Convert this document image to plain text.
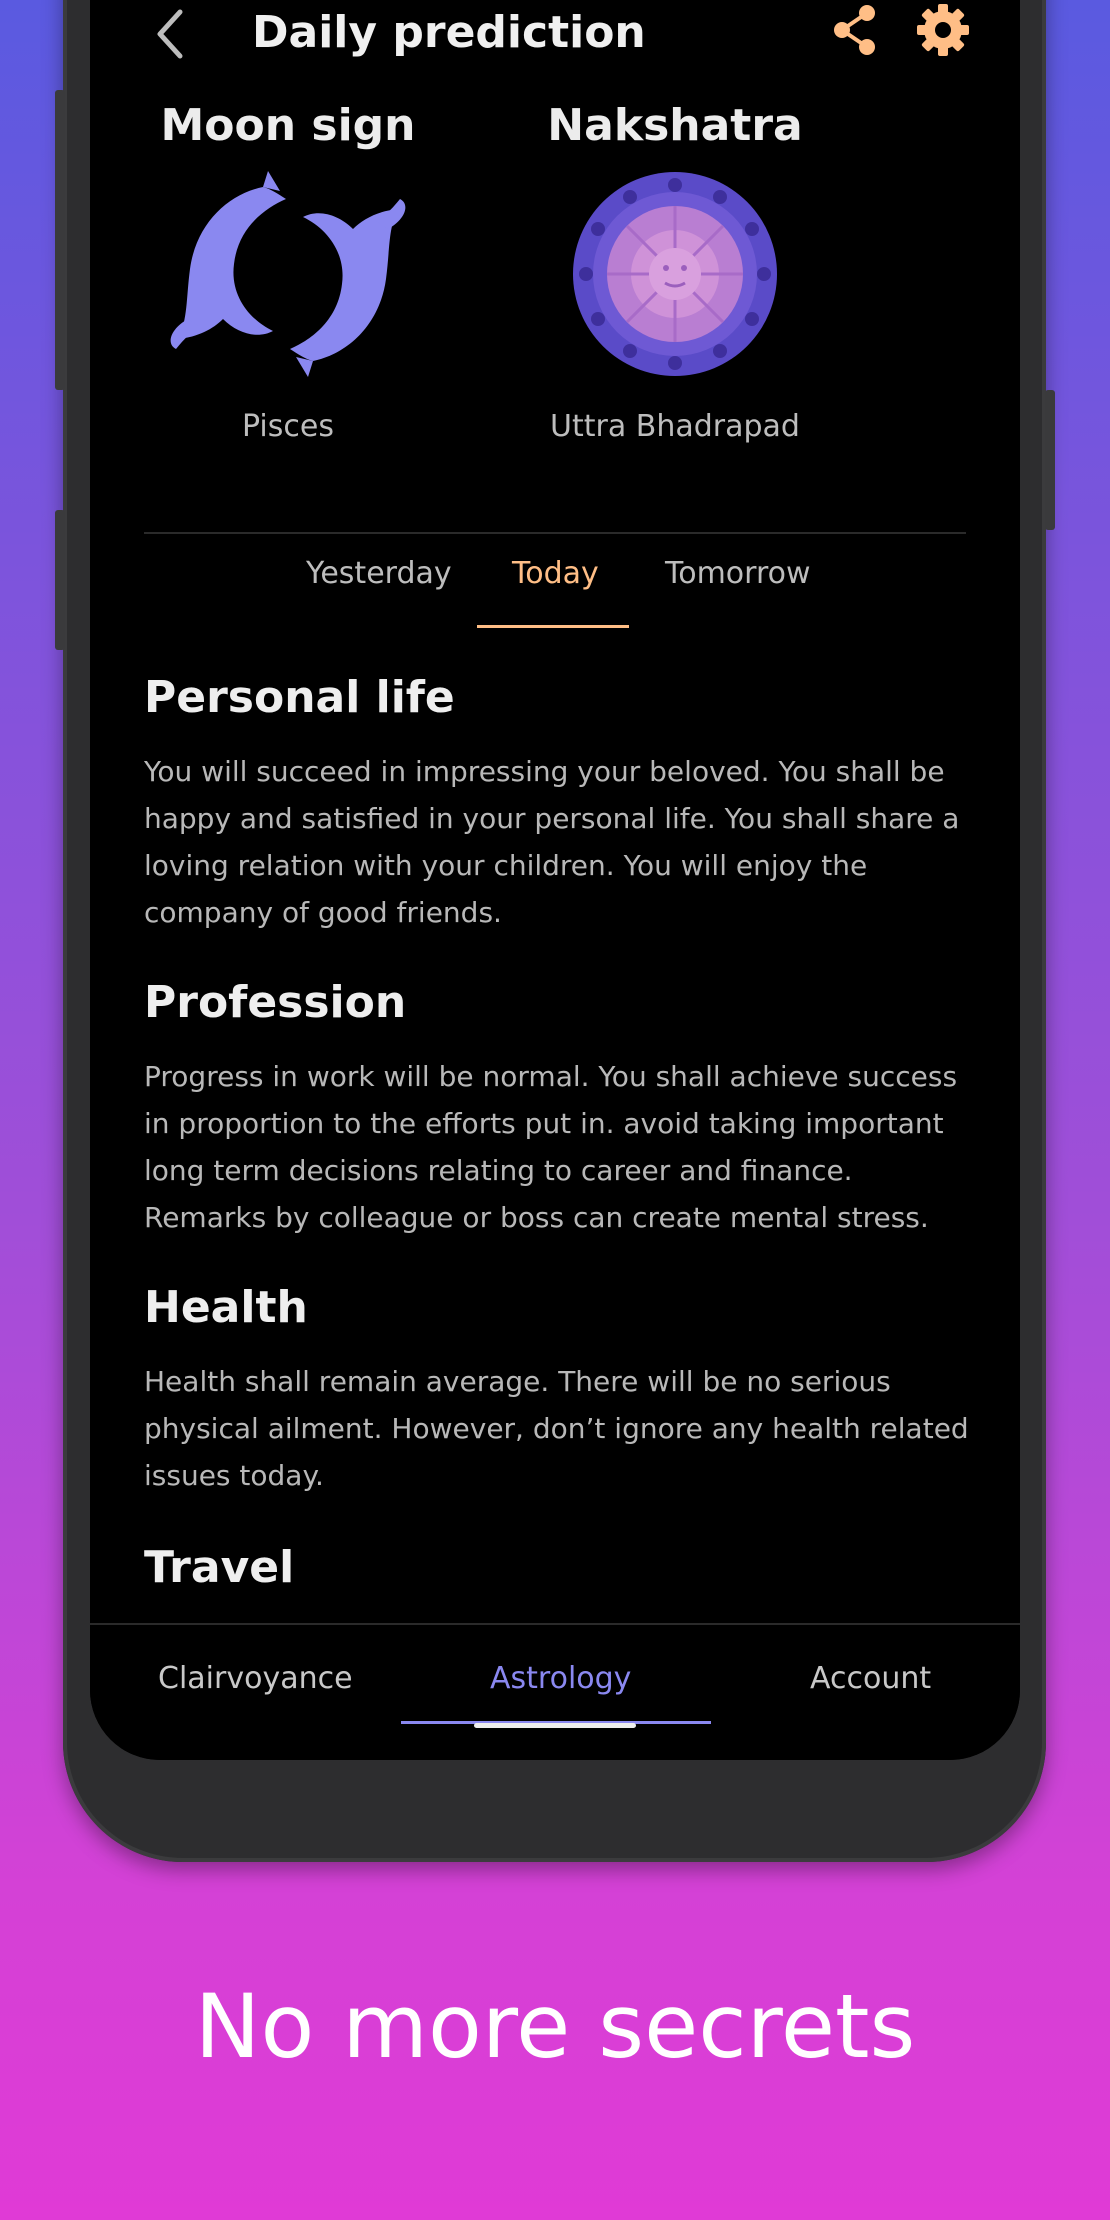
Daily prediction
Moon sign
Pisces
Nakshatra
Uttra Bhadrapad
Yesterday Today Tomorrow
Personal life
You will succeed in impressing your beloved. You shall be happy and satisfied in your personal life. You shall share a loving relation with your children. You will enjoy the company of good friends.
Profession
Progress in work will be normal. You shall achieve success in proportion to the efforts put in. avoid taking important long term decisions relating to career and finance. Remarks by colleague or boss can create mental stress.
Health
Health shall remain average. There will be no serious physical ailment. However, don’t ignore any health related issues today.
Travel
Clairvoyance	Astrology	Account
No more secrets
